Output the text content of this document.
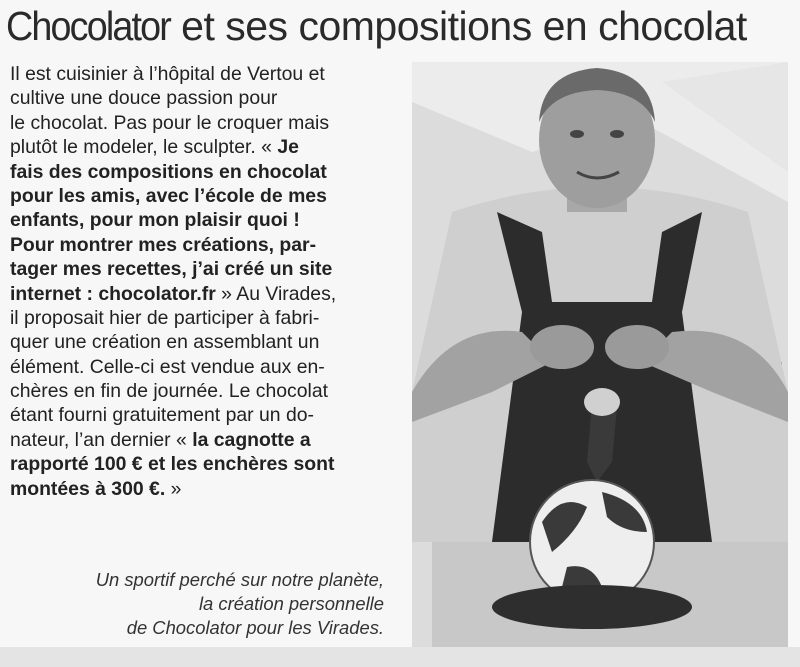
Chocolator et ses compositions en chocolat
Il est cuisinier à l’hôpital de Vertou et
cultive une douce passion pour
le chocolat. Pas pour le croquer mais
plutôt le modeler, le sculpter. « Je
fais des compositions en chocolat
pour les amis, avec l’école de mes
enfants, pour mon plaisir quoi !
Pour montrer mes créations, par-
tager mes recettes, j’ai créé un site
internet : chocolator.fr » Au Virades,
il proposait hier de participer à fabri-
quer une création en assemblant un
élément. Celle-ci est vendue aux en-
chères en fin de journée. Le chocolat
étant fourni gratuitement par un do-
nateur, l’an dernier « la cagnotte a
rapporté 100 € et les enchères sont
montées à 300 €. »
Un sportif perché sur notre planète,
la création personnelle
de Chocolator pour les Virades.
